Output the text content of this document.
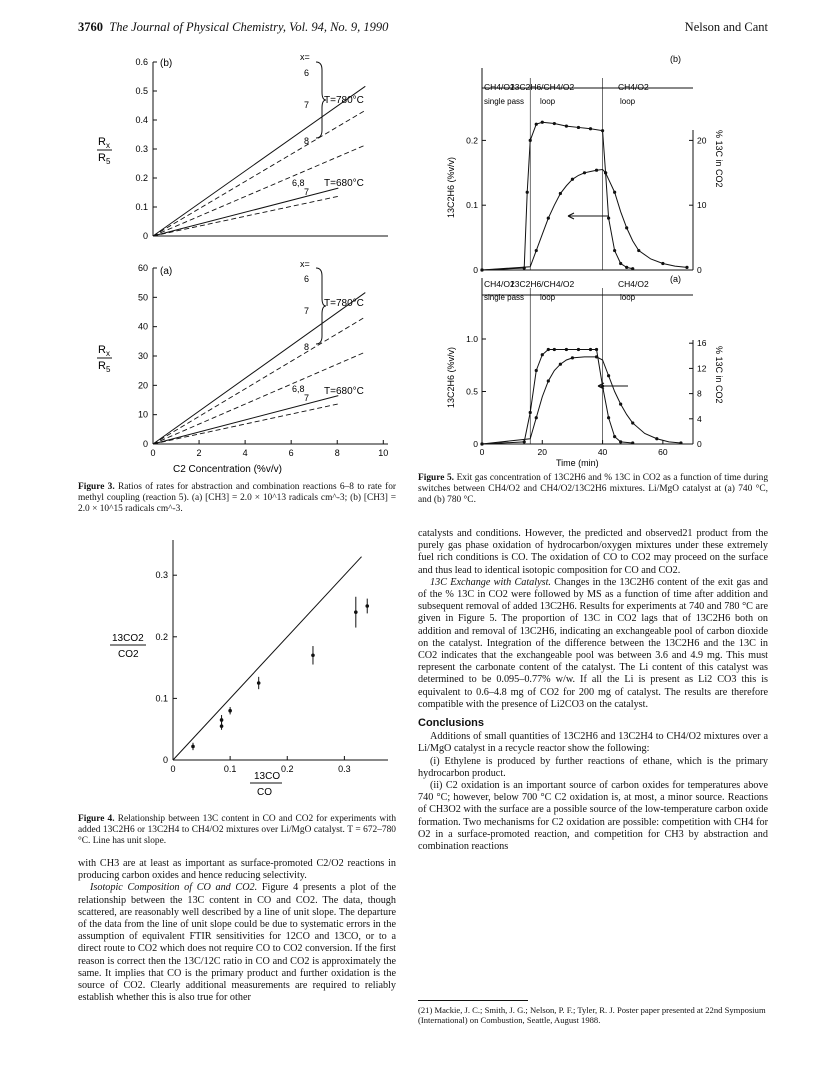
3760 The Journal of Physical Chemistry, Vol. 94, No. 9, 1990	Nelson and Cant
(b)
0.6
0.5
0.4
0.3
0.2
0.1
0
6
7
8
6,8
7
x=
T=780°C
T=680°C
R x
R 5
(a)
60
50
40
30
20
10
0
0	2	4	6	8	10
6
7
8
6,8
7
x=
T=780°C
T=680°C
R x
R 5
C2 Concentration (%v/v)
Figure 3. Ratios of rates for abstraction and combination reactions 6–8 to rate for methyl coupling (reaction 5). (a) [CH3] = 2.0 × 10^13 radicals cm^-3; (b) [CH3] = 2.0 × 10^15 radicals cm^-3.
0.3
0.2
0.1
0
0	0.1	0.2	0.3
13CO2
CO2
13CO
CO
Figure 4. Relationship between 13C content in CO and CO2 for experiments with added 13C2H6 or 13C2H4 to CH4/O2 mixtures over Li/MgO catalyst. T = 672–780 °C. Line has unit slope.

with CH3 are at least as important as surface-promoted C2/O2 reactions in producing carbon oxides and hence reducing selectivity.

Isotopic Composition of CO and CO2. Figure 4 presents a plot of the relationship between the 13C content in CO and CO2. The data, though scattered, are reasonably well described by a line of unit slope. The departure of the data from the line of unit slope could be due to systematic errors in the assumption of equivalent FTIR sensitivities for 12CO and 13CO, or to a direct route to CO2 which does not require CO to CO2 conversion. If the first reason is correct then the 13C/12C ratio in CO and CO2 is approximately the same. It implies that CO is the primary product and further oxidation is the source of CO2. Clearly additional measurements are required to reliably establish whether this is also true for other

(b)
CH4/O2
13C2H6/CH4/O2	CH4/O2
single pass loop	loop
0.2
0.1
0
20
10
0
13C2H6 (%v/v)	% 13C in CO2
(a)
CH4/O2
13C2H6/CH4/O2	CH4/O2
single pass loop	loop
1.0
0.5
0
16
12
8
4
0
0	20	40	60
13C2H6 (%v/v)	% 13C in CO2
Time (min)
Figure 5. Exit gas concentration of 13C2H6 and % 13C in CO2 as a function of time during switches between CH4/O2 and CH4/O2/13C2H6 mixtures. Li/MgO catalyst at (a) 740 °C, and (b) 780 °C.

catalysts and conditions. However, the predicted and observed21 product from the purely gas phase oxidation of hydrocarbon/oxygen mixtures under these extremely fuel rich conditions is CO. The oxidation of CO to CO2 may proceed on the surface and thus lead to identical isotopic composition for CO and CO2.

13C Exchange with Catalyst. Changes in the 13C2H6 content of the exit gas and of the % 13C in CO2 were followed by MS as a function of time after addition and subsequent removal of added 13C2H6. Results for experiments at 740 and 780 °C are given in Figure 5. The proportion of 13C in CO2 lags that of 13C2H6 both on addition and removal of 13C2H6, indicating an exchangeable pool of carbon dioxide on the catalyst. Integration of the difference between the 13C2H6 and the 13C in CO2 indicates that the exchangeable pool was between 3.6 and 4.9 mg. This must represent the carbonate content of the catalyst. The Li content of this catalyst was determined to be 0.095–0.77% w/w. If all the Li is present as Li2 CO3 this is equivalent to 0.6–4.8 mg of CO2 for 200 mg of catalyst. The results are therefore compatible with the presence of Li2CO3 on the catalyst.

Conclusions

Additions of small quantities of 13C2H6 and 13C2H4 to CH4/O2 mixtures over a Li/MgO catalyst in a recycle reactor show the following:

(i) Ethylene is produced by further reactions of ethane, which is the primary hydrocarbon product.

(ii) C2 oxidation is an important source of carbon oxides for temperatures above 740 °C; however, below 700 °C C2 oxidation is, at most, a minor source. Reactions of CH3O2 with the surface are a possible source of the low-temperature carbon oxide formation. Two mechanisms for C2 oxidation are possible: competition with CH4 for O2 in a surface-promoted reaction, and competition for CH3 by abstraction and combination reactions

(21) Mackie, J. C.; Smith, J. G.; Nelson, P. F.; Tyler, R. J. Poster paper presented at 22nd Symposium (International) on Combustion, Seattle, August 1988.
